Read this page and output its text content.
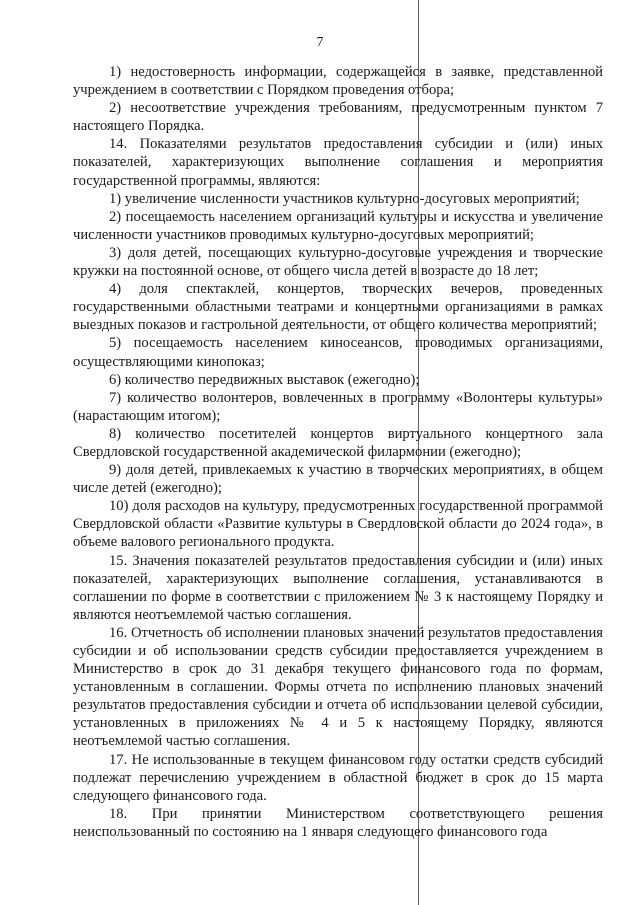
7

1) недостоверность информации, содержащейся в заявке, представленной учреждением в соответствии с Порядком проведения отбора;

2) несоответствие учреждения требованиям, предусмотренным пунктом 7 настоящего Порядка.

14. Показателями результатов предоставления субсидии и (или) иных показателей, характеризующих выполнение соглашения и мероприятия государственной программы, являются:

1) увеличение численности участников культурно-досуговых мероприятий;

2) посещаемость населением организаций культуры и искусства и увеличение численности участников проводимых культурно-досуговых мероприятий;

3) доля детей, посещающих культурно-досуговые учреждения и творческие кружки на постоянной основе, от общего числа детей в возрасте до 18 лет;

4) доля спектаклей, концертов, творческих вечеров, проведенных государственными областными театрами и концертными организациями в рамках выездных показов и гастрольной деятельности, от общего количества мероприятий;

5) посещаемость населением киносеансов, проводимых организациями, осуществляющими кинопоказ;

6) количество передвижных выставок (ежегодно);

7) количество волонтеров, вовлеченных в программу «Волонтеры культуры» (нарастающим итогом);

8) количество посетителей концертов виртуального концертного зала Свердловской государственной академической филармонии (ежегодно);

9) доля детей, привлекаемых к участию в творческих мероприятиях, в общем числе детей (ежегодно);

10) доля расходов на культуру, предусмотренных государственной программой Свердловской области «Развитие культуры в Свердловской области до 2024 года», в объеме валового регионального продукта.

15. Значения показателей результатов предоставления субсидии и (или) иных показателей, характеризующих выполнение соглашения, устанавливаются в соглашении по форме в соответствии с приложением № 3 к настоящему Порядку и являются неотъемлемой частью соглашения.

16. Отчетность об исполнении плановых значений результатов предоставления субсидии и об использовании средств субсидии предоставляется учреждением в Министерство в срок до 31 декабря текущего финансового года по формам, установленным в соглашении. Формы отчета по исполнению плановых значений результатов предоставления субсидии и отчета об использовании целевой субсидии, установленных в приложениях № 4 и 5 к настоящему Порядку, являются неотъемлемой частью соглашения.

17. Не использованные в текущем финансовом году остатки средств субсидий подлежат перечислению учреждением в областной бюджет в срок до 15 марта следующего финансового года.

18. При принятии Министерством соответствующего решения неиспользованный по состоянию на 1 января следующего финансового года
